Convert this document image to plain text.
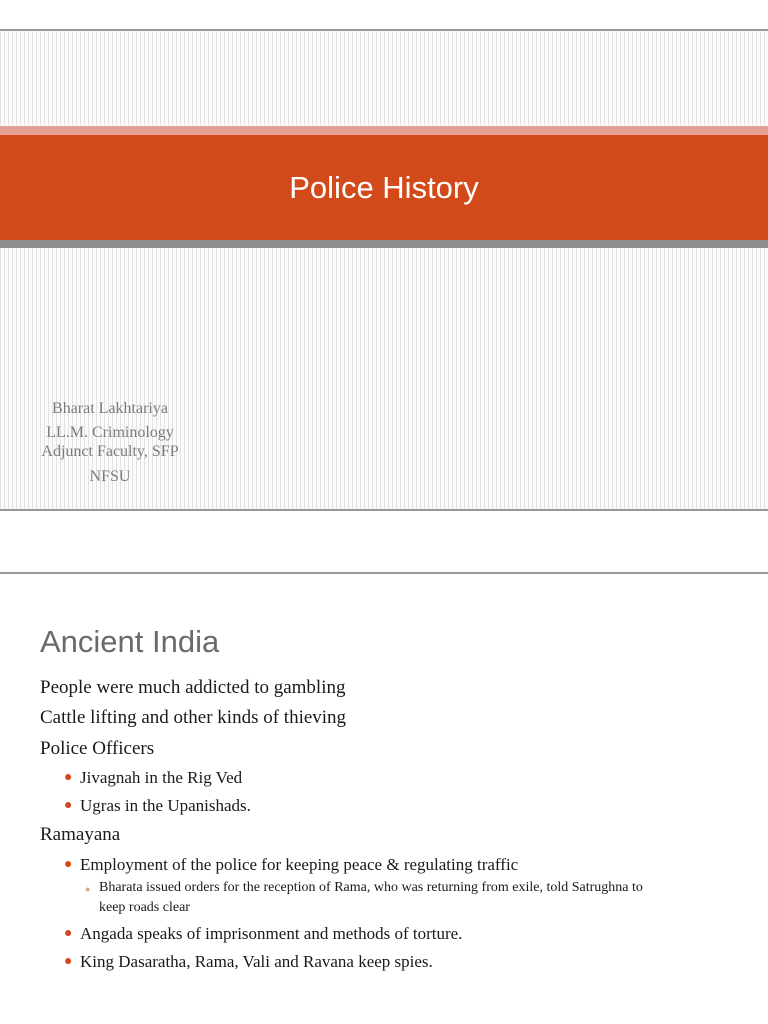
Police History
Bharat Lakhtariya
LL.M. Criminology
Adjunct Faculty, SFP
NFSU
Ancient India
People were much addicted to gambling
Cattle lifting and other kinds of thieving
Police Officers
● Jivagnah in the Rig Ved
● Ugras in the Upanishads.
Ramayana
● Employment of the police for keeping peace & regulating traffic
● Bharata issued orders for the reception of Rama, who was returning from exile, told Satrughna to
keep roads clear
● Angada speaks of imprisonment and methods of torture.
● King Dasaratha, Rama, Vali and Ravana keep spies.
